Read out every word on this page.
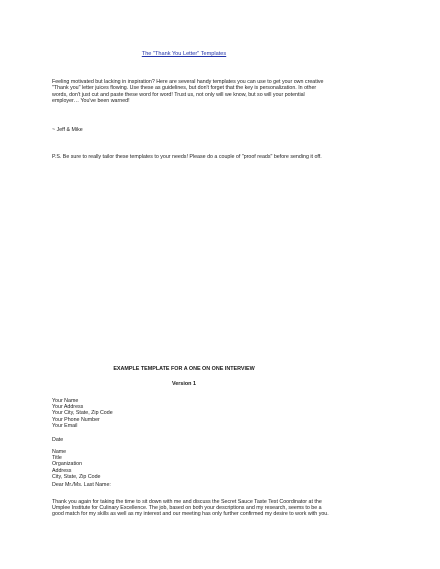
The "Thank You Letter" Templates
Feeling motivated but lacking in inspiration? Here are several handy templates you can use to get your own creative
"Thank you" letter juices flowing. Use these as guidelines, but don't forget that the key is personalization. In other
words, don't just cut and paste these word for word! Trust us, not only will we know, but so will your potential
employer… You've been warned!
~ Jeff & Mike
P.S. Be sure to really tailor these templates to your needs! Please do a couple of "proof reads" before sending it off.
EXAMPLE TEMPLATE FOR A ONE ON ONE INTERVIEW
Version 1
Your Name
Your Address
Your City, State, Zip Code
Your Phone Number
Your Email
Date
Name
Title
Organization
Address
City, State, Zip Code
Dear Mr./Ms. Last Name:
Thank you again for taking the time to sit down with me and discuss the Secret Sauce Taste Test Coordinator at the
Umplee Institute for Culinary Excellence. The job, based on both your descriptions and my research, seems to be a
good match for my skills as well as my interest and our meeting has only further confirmed my desire to work with you.
